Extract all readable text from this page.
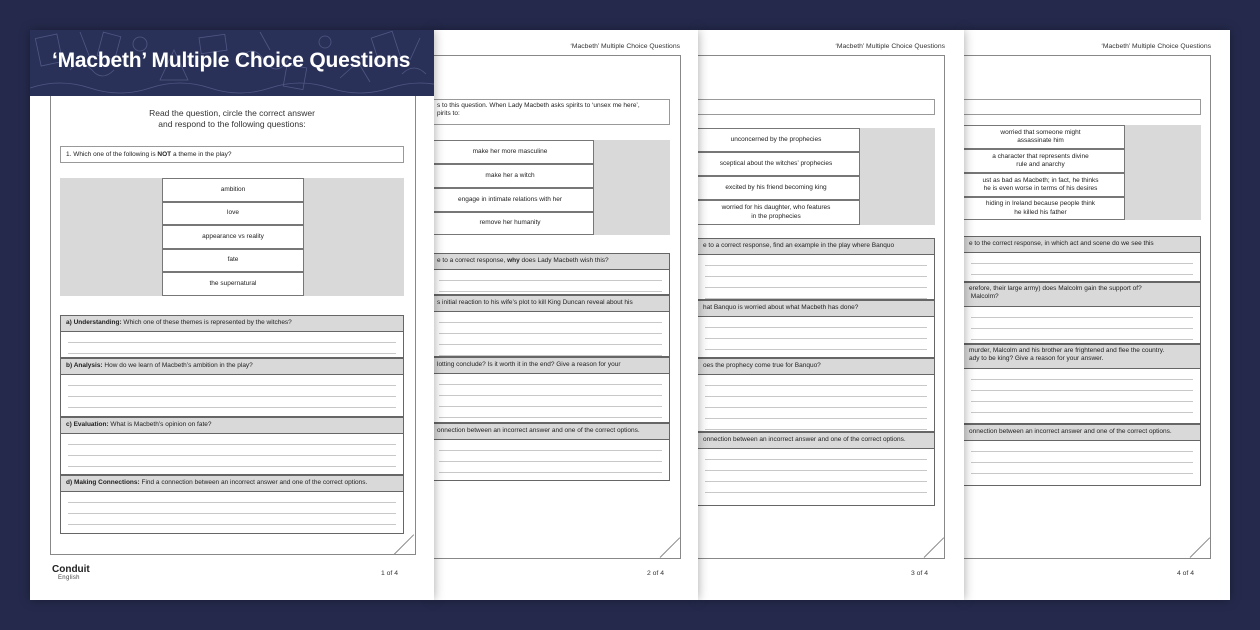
‘Macbeth’ Multiple Choice Questions
worried that someone might
assassinate him
a character that represents divine
rule and anarchy
ust as bad as Macbeth; in fact, he thinks
he is even worse in terms of his desires
hiding in Ireland because people think
he killed his father
e to the correct response, in which act and scene do we see this
erefore, their large army) does Malcolm gain the support of?
Malcolm?
murder, Malcolm and his brother are frightened and flee the country.
ady to be king? Give a reason for your answer.
onnection between an incorrect answer and one of the correct options.
4 of 4
‘Macbeth’ Multiple Choice Questions
unconcerned by the prophecies
sceptical about the witches’ prophecies
excited by his friend becoming king
worried for his daughter, who features
in the prophecies
e to a correct response, find an example in the play where Banquo
hat Banquo is worried about what Macbeth has done?
oes the prophecy come true for Banquo?
onnection between an incorrect answer and one of the correct options.
3 of 4
‘Macbeth’ Multiple Choice Questions
s to this question. When Lady Macbeth asks spirits to ‘unsex me here’,
pirits to:
make her more masculine
make her a witch
engage in intimate relations with her
remove her humanity
e to a correct response, why does Lady Macbeth wish this?
s initial reaction to his wife’s plot to kill King Duncan reveal about his
lotting conclude? Is it worth it in the end? Give a reason for your
onnection between an incorrect answer and one of the correct options.
2 of 4
‘Macbeth’ Multiple Choice Questions
Read the question, circle the correct answer
and respond to the following questions:
1. Which one of the following is NOT a theme in the play?
ambition
love
appearance vs reality
fate
the supernatural
a) Understanding: Which one of these themes is represented by the witches?
b) Analysis: How do we learn of Macbeth’s ambition in the play?
c) Evaluation: What is Macbeth’s opinion on fate?
d) Making Connections: Find a connection between an incorrect answer and one of the correct options.
Conduit
English
1 of 4
